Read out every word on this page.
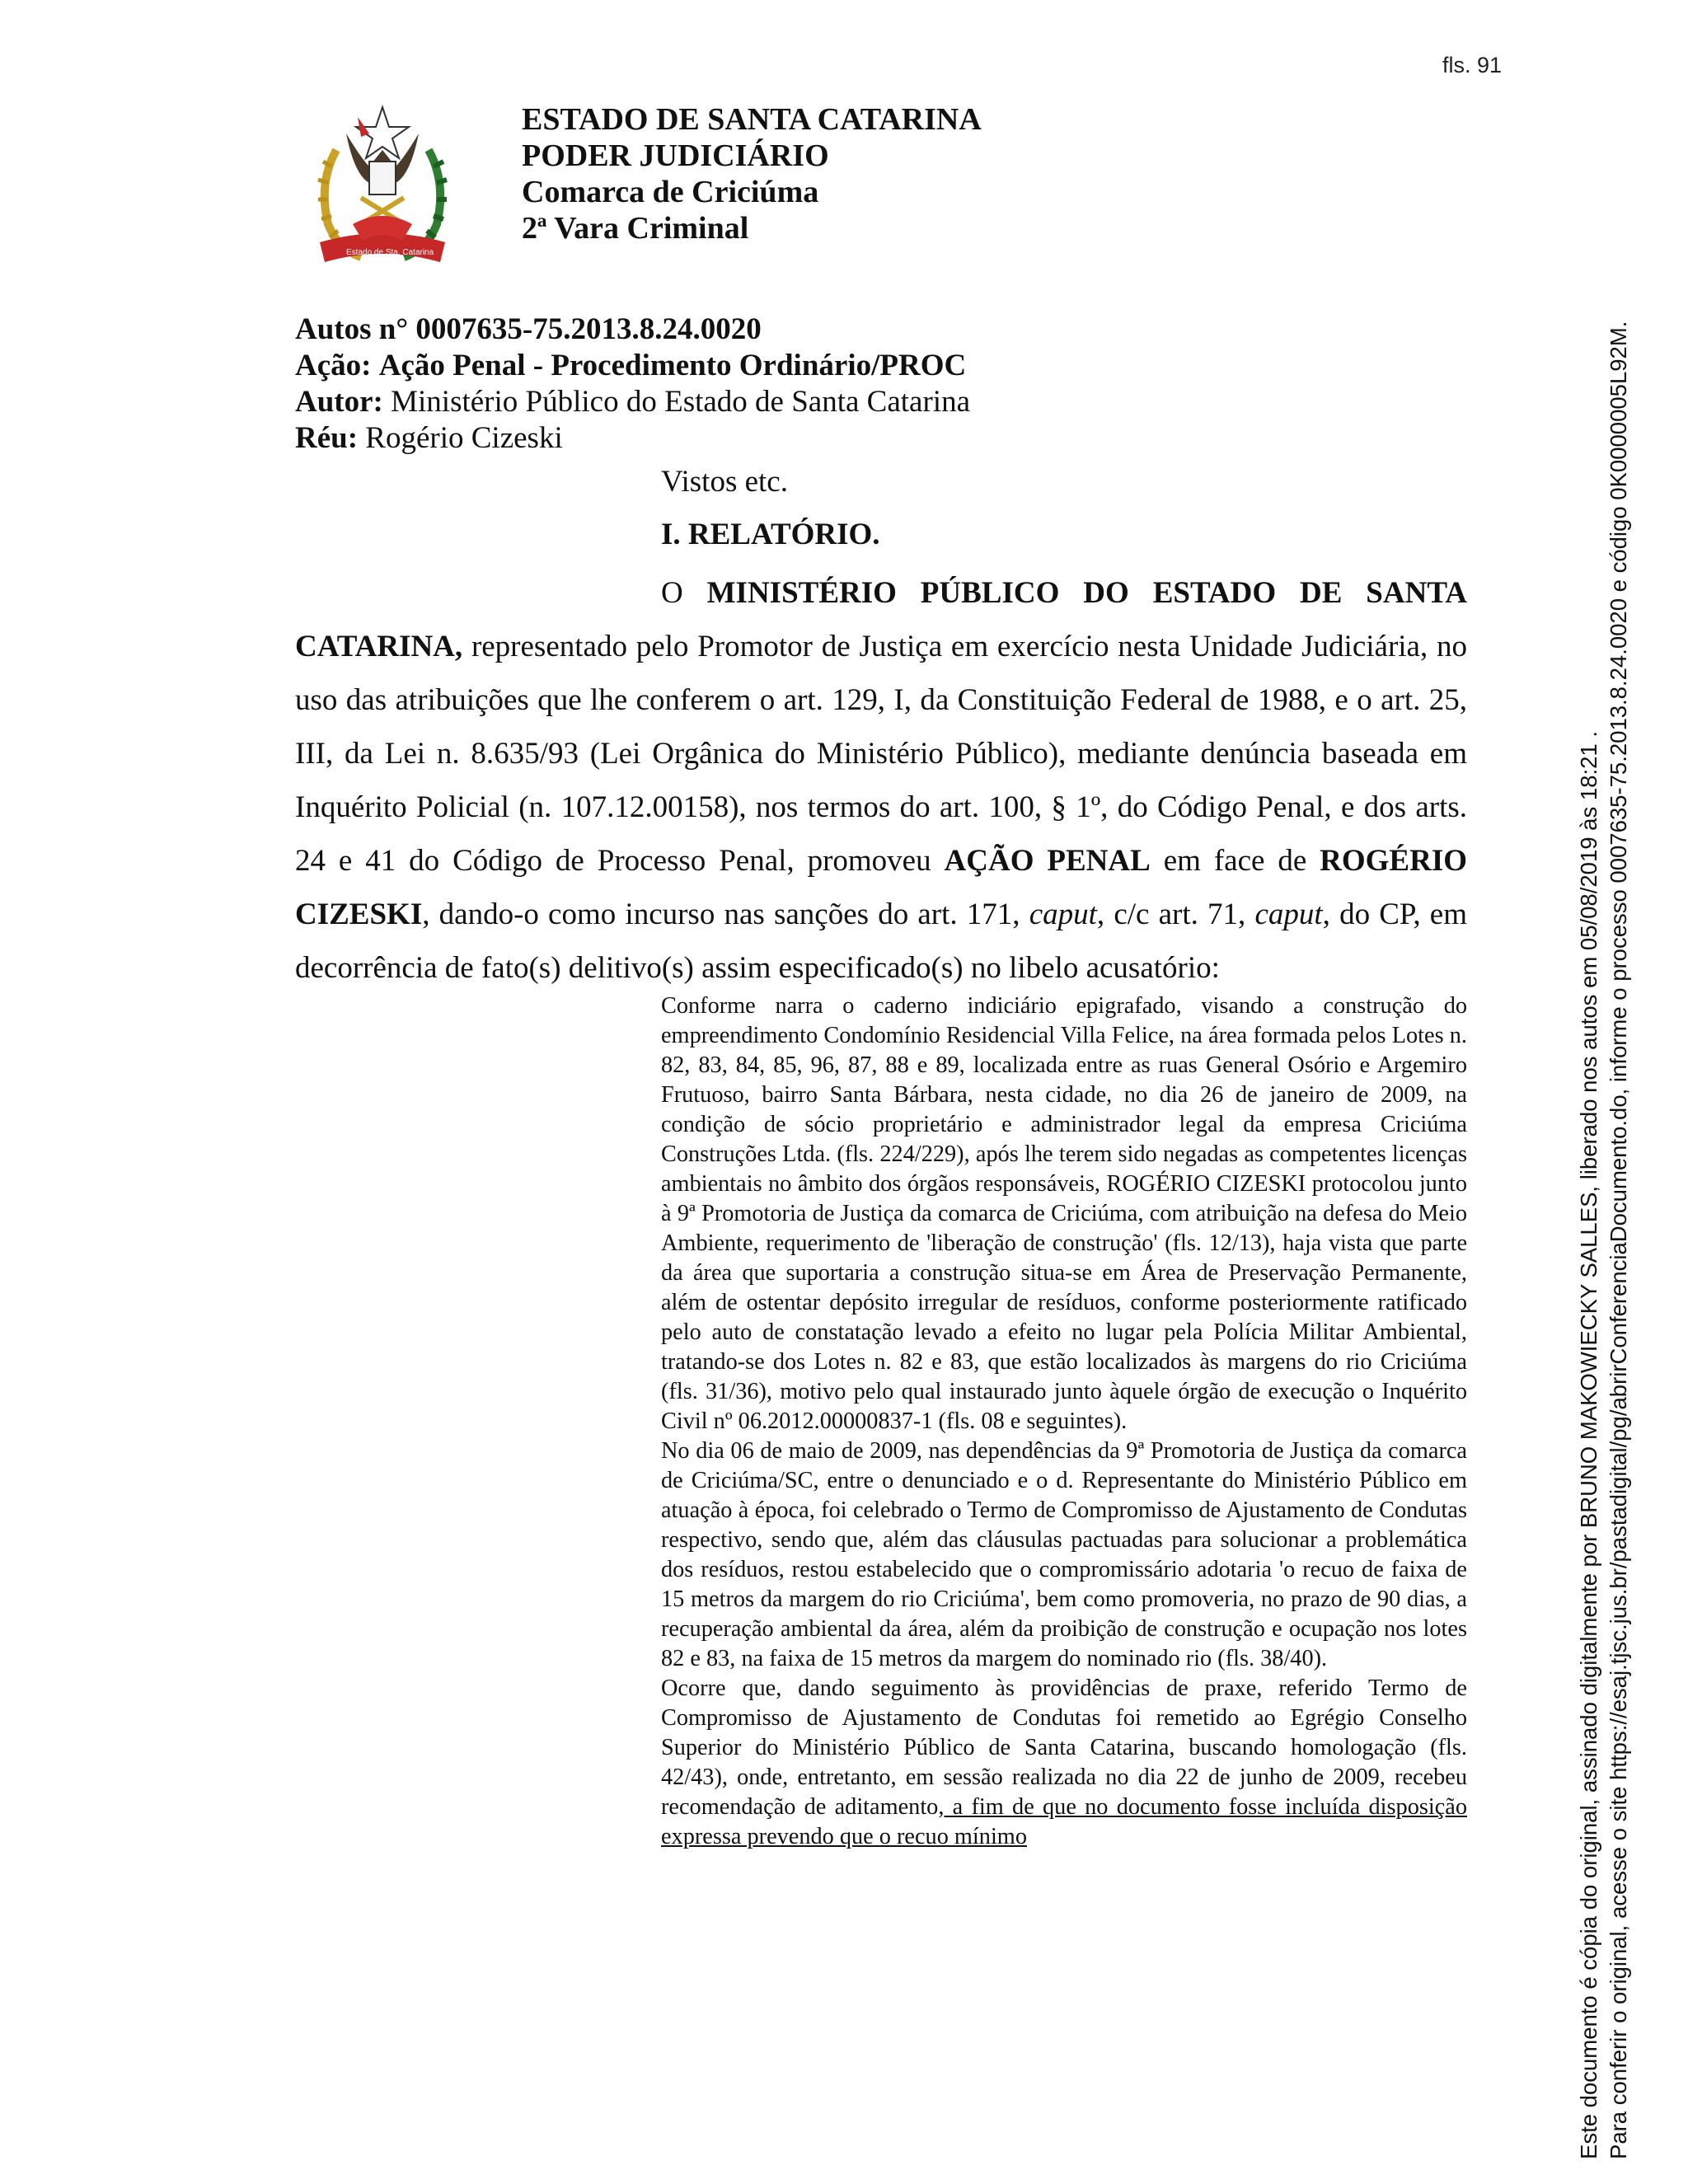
fls. 91
Estado de Sta. Catarina
ESTADO DE SANTA CATARINA
PODER JUDICIÁRIO
Comarca de Criciúma
2ª Vara Criminal
Autos n° 0007635-75.2013.8.24.0020
Ação: Ação Penal - Procedimento Ordinário/PROC
Autor: Ministério Público do Estado de Santa Catarina
Réu: Rogério Cizeski
Vistos etc.
I. RELATÓRIO.

O MINISTÉRIO PÚBLICO DO ESTADO DE SANTA CATARINA, representado pelo Promotor de Justiça em exercício nesta Unidade Judiciária, no uso das atribuições que lhe conferem o art. 129, I, da Constituição Federal de 1988, e o art. 25, III, da Lei n. 8.635/93 (Lei Orgânica do Ministério Público), mediante denúncia baseada em Inquérito Policial (n. 107.12.00158), nos termos do art. 100, § 1º, do Código Penal, e dos arts. 24 e 41 do Código de Processo Penal, promoveu AÇÃO PENAL em face de ROGÉRIO CIZESKI, dando-o como incurso nas sanções do art. 171, caput, c/c art. 71, caput, do CP, em decorrência de fato(s) delitivo(s) assim especificado(s) no libelo acusatório:

Conforme narra o caderno indiciário epigrafado, visando a construção do empreendimento Condomínio Residencial Villa Felice, na área formada pelos Lotes n. 82, 83, 84, 85, 96, 87, 88 e 89, localizada entre as ruas General Osório e Argemiro Frutuoso, bairro Santa Bárbara, nesta cidade, no dia 26 de janeiro de 2009, na condição de sócio proprietário e administrador legal da empresa Criciúma Construções Ltda. (fls. 224/229), após lhe terem sido negadas as competentes licenças ambientais no âmbito dos órgãos responsáveis, ROGÉRIO CIZESKI protocolou junto à 9ª Promotoria de Justiça da comarca de Criciúma, com atribuição na defesa do Meio Ambiente, requerimento de 'liberação de construção' (fls. 12/13), haja vista que parte da área que suportaria a construção situa-se em Área de Preservação Permanente, além de ostentar depósito irregular de resíduos, conforme posteriormente ratificado pelo auto de constatação levado a efeito no lugar pela Polícia Militar Ambiental, tratando-se dos Lotes n. 82 e 83, que estão localizados às margens do rio Criciúma (fls. 31/36), motivo pelo qual instaurado junto àquele órgão de execução o Inquérito Civil nº 06.2012.00000837-1 (fls. 08 e seguintes).

No dia 06 de maio de 2009, nas dependências da 9ª Promotoria de Justiça da comarca de Criciúma/SC, entre o denunciado e o d. Representante do Ministério Público em atuação à época, foi celebrado o Termo de Compromisso de Ajustamento de Condutas respectivo, sendo que, além das cláusulas pactuadas para solucionar a problemática dos resíduos, restou estabelecido que o compromissário adotaria 'o recuo de faixa de 15 metros da margem do rio Criciúma', bem como promoveria, no prazo de 90 dias, a recuperação ambiental da área, além da proibição de construção e ocupação nos lotes 82 e 83, na faixa de 15 metros da margem do nominado rio (fls. 38/40).

Ocorre que, dando seguimento às providências de praxe, referido Termo de Compromisso de Ajustamento de Condutas foi remetido ao Egrégio Conselho Superior do Ministério Público de Santa Catarina, buscando homologação (fls. 42/43), onde, entretanto, em sessão realizada no dia 22 de junho de 2009, recebeu recomendação de aditamento, a fim de que no documento fosse incluída disposição expressa prevendo que o recuo mínimo	Este documento é cópia do original, assinado digitalmente por BRUNO MAKOWIECKY SALLES, liberado nos autos em 05/08/2019 às 18:21 . Para conferir o original, acesse o site https://esaj.tjsc.jus.br/pastadigital/pg/abrirConferenciaDocumento.do, informe o processo 0007635-75.2013.8.24.0020 e código 0K0000005L92M.
